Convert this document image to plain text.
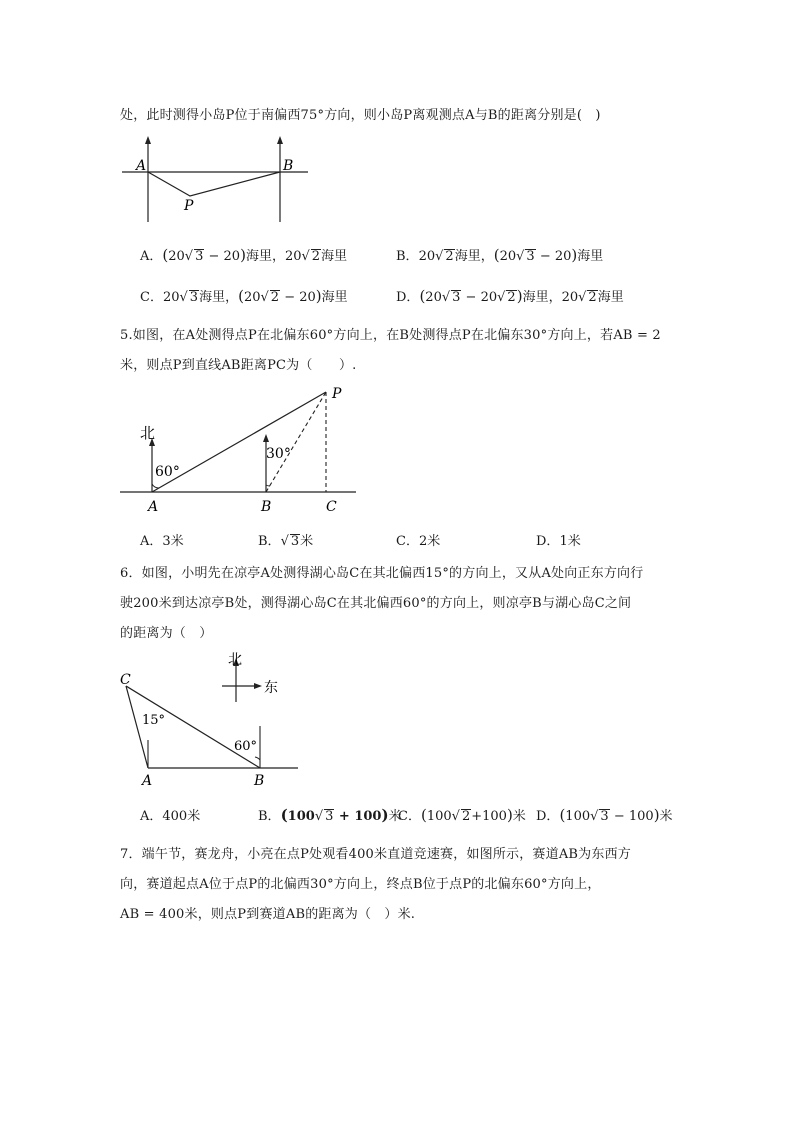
处，此时测得小岛P位于南偏西75°方向，则小岛P离观测点A与B的距离分别是(　)
A	B
P
A．(20√ 3 − 20)海里，20√ 2海里	B．20√ 2海里，(20√ 3 − 20)海里
C．20√ 3海里，(20√ 2 − 20)海里	D．(20√ 3 − 20√ 2)海里，20√ 2海里
5.如图，在A处测得点P在北偏东60°方向上，在B处测得点P在北偏东30°方向上，若AB = 2
米，则点P到直线AB距离PC为（　　）.
北
60°
30°
A	B	C
P
A．3米	B．√ 3米	C．2米	D．1米
6．如图，小明先在凉亭A处测得湖心岛C在其北偏西15°的方向上，又从A处向正东方向行
驶200米到达凉亭B处，测得湖心岛C在其北偏西60°的方向上，则凉亭B与湖心岛C之间
的距离为（　）
北
东
C
15°
60°
A	B
A．400米	B．(100√ 3 + 100)米
C．(100√ 2+100)米 D．(100√ 3 − 100)米
7．端午节，赛龙舟，小亮在点P处观看400米直道竞速赛，如图所示，赛道AB为东西方
向，赛道起点A位于点P的北偏西30°方向上，终点B位于点P的北偏东60°方向上，
AB = 400米，则点P到赛道AB的距离为（　）米.
